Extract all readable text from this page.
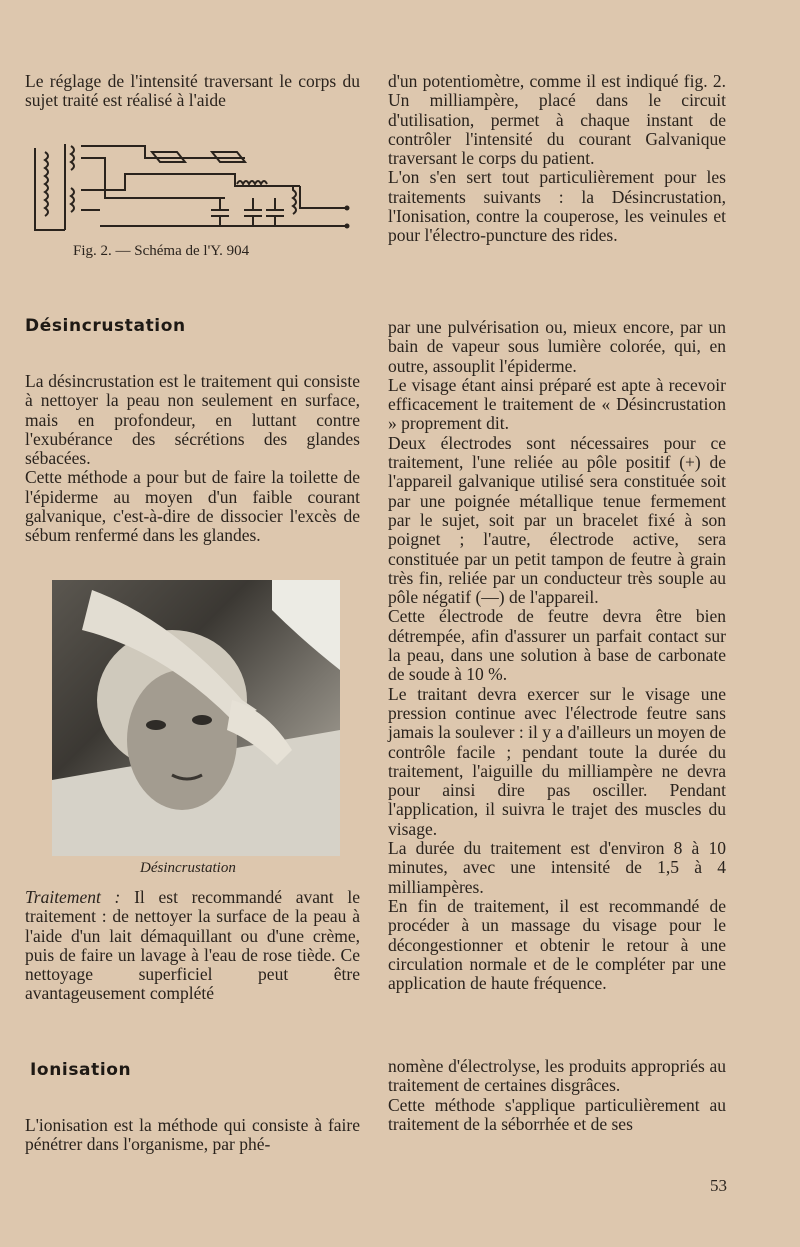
Le réglage de l'intensité traversant le corps du sujet traité est réalisé à l'aide

Fig. 2. — Schéma de l'Y. 904

Désincrustation

La désincrustation est le traitement qui consiste à nettoyer la peau non seulement en surface, mais en profondeur, en luttant contre l'exubérance des sécrétions des glandes sébacées.

Cette méthode a pour but de faire la toilette de l'épiderme au moyen d'un faible courant galvanique, c'est-à-dire de dissocier l'excès de sébum renfermé dans les glandes.

Désincrustation

Traitement : Il est recommandé avant le traitement : de nettoyer la surface de la peau à l'aide d'un lait démaquillant ou d'une crème, puis de faire un lavage à l'eau de rose tiède. Ce nettoyage superficiel peut être avantageusement complété

Ionisation

L'ionisation est la méthode qui consiste à faire pénétrer dans l'organisme, par phé-

d'un potentiomètre, comme il est indiqué fig. 2. Un milliampère, placé dans le circuit d'utilisation, permet à chaque instant de contrôler l'intensité du courant Galvanique traversant le corps du patient.

L'on s'en sert tout particulièrement pour les traitements suivants : la Désincrustation, l'Ionisation, contre la couperose, les veinules et pour l'électro-puncture des rides.

par une pulvérisation ou, mieux encore, par un bain de vapeur sous lumière colorée, qui, en outre, assouplit l'épiderme.

Le visage étant ainsi préparé est apte à recevoir efficacement le traitement de « Désincrustation » proprement dit.

Deux électrodes sont nécessaires pour ce traitement, l'une reliée au pôle positif (+) de l'appareil galvanique utilisé sera constituée soit par une poignée métallique tenue fermement par le sujet, soit par un bracelet fixé à son poignet ; l'autre, électrode active, sera constituée par un petit tampon de feutre à grain très fin, reliée par un conducteur très souple au pôle négatif (—) de l'appareil.

Cette électrode de feutre devra être bien détrempée, afin d'assurer un parfait contact sur la peau, dans une solution à base de carbonate de soude à 10 %.

Le traitant devra exercer sur le visage une pression continue avec l'électrode feutre sans jamais la soulever : il y a d'ailleurs un moyen de contrôle facile ; pendant toute la durée du traitement, l'aiguille du milliampère ne devra pour ainsi dire pas osciller. Pendant l'application, il suivra le trajet des muscles du visage.

La durée du traitement est d'environ 8 à 10 minutes, avec une intensité de 1,5 à 4 milliampères.

En fin de traitement, il est recommandé de procéder à un massage du visage pour le décongestionner et obtenir le retour à une circulation normale et de le compléter par une application de haute fréquence.

nomène d'électrolyse, les produits appropriés au traitement de certaines disgrâces.

Cette méthode s'applique particulièrement au traitement de la séborrhée et de ses

53
